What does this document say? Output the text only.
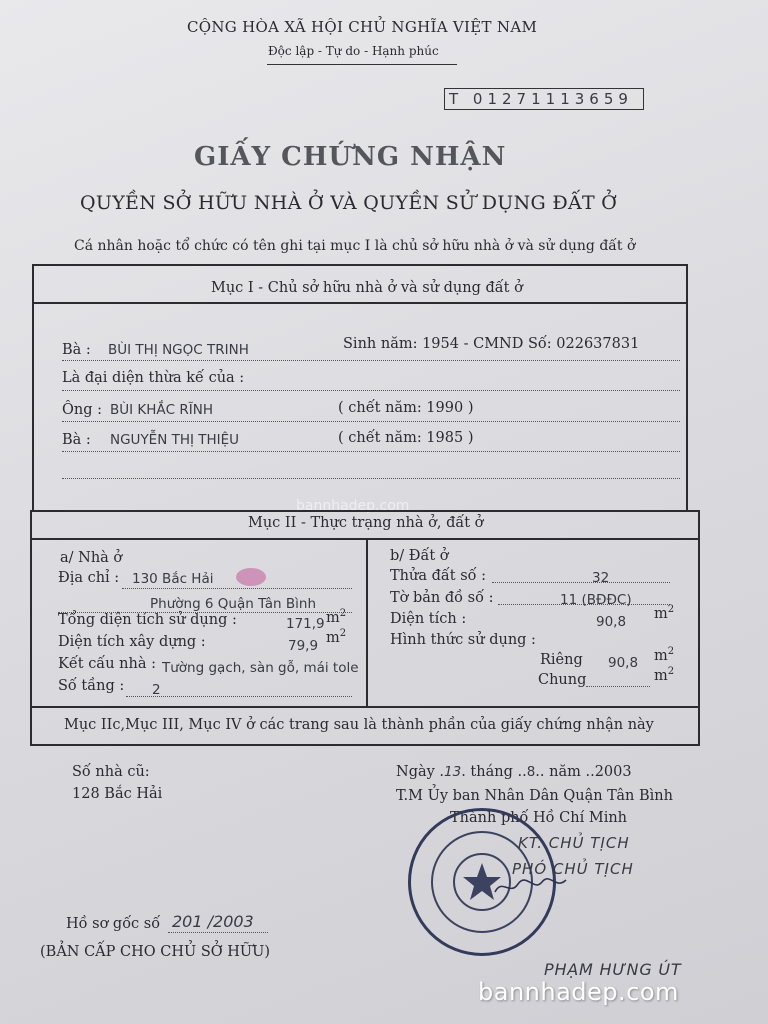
CỘNG HÒA XÃ HỘI CHỦ NGHĨA VIỆT NAM
Độc lập - Tự do - Hạnh phúc
T 01271113659
GIẤY CHỨNG NHẬN
QUYỀN SỞ HỮU NHÀ Ở VÀ QUYỀN SỬ DỤNG ĐẤT Ở
Cá nhân hoặc tổ chức có tên ghi tại mục I là chủ sở hữu nhà ở và sử dụng đất ở
Mục I - Chủ sở hữu nhà ở và sử dụng đất ở
Bà : BÙI THỊ NGỌC TRINH	Sinh năm: 1954 - CMND Số: 022637831
Là đại diện thừa kế của :
Ông : BÙI KHẮC RĨNH	( chết năm: 1990 )
Bà : NGUYỄN THỊ THIỆU	( chết năm: 1985 )
bannhadep.com
Mục II - Thực trạng nhà ở, đất ở
a/ Nhà ở
Địa chỉ : 130 Bắc Hải
Phường 6 Quận Tân Bình
Tổng diện tích sử dụng :	171,9 $m^2$
Diện tích xây dựng :	79,9
$m^2$
Kết cấu nhà : Tường gạch, sàn gỗ, mái tole
Số tầng : 2
b/ Đất ở
Thửa đất số :	32
Tờ bản đồ số :	11 (BĐĐC)
Diện tích :	90,8
$m^2$
Hình thức sử dụng :
Riêng 90,8 $m^2$
Chung	$m^2$
Mục IIc,Mục III, Mục IV ở các trang sau là thành phần của giấy chứng nhận này
Số nhà cũ:
128 Bắc Hải
Hồ sơ gốc số 201 /2003
(BẢN CẤP CHO CHỦ SỞ HỮU)
Ngày .13. tháng ..8.. năm ..2003
T.M Ủy ban Nhân Dân Quận Tân Bình
Thành phố Hồ Chí Minh
KT. CHỦ TỊCH
PHÓ CHỦ TỊCH
PHẠM HƯNG ÚT
bannhadep.com
